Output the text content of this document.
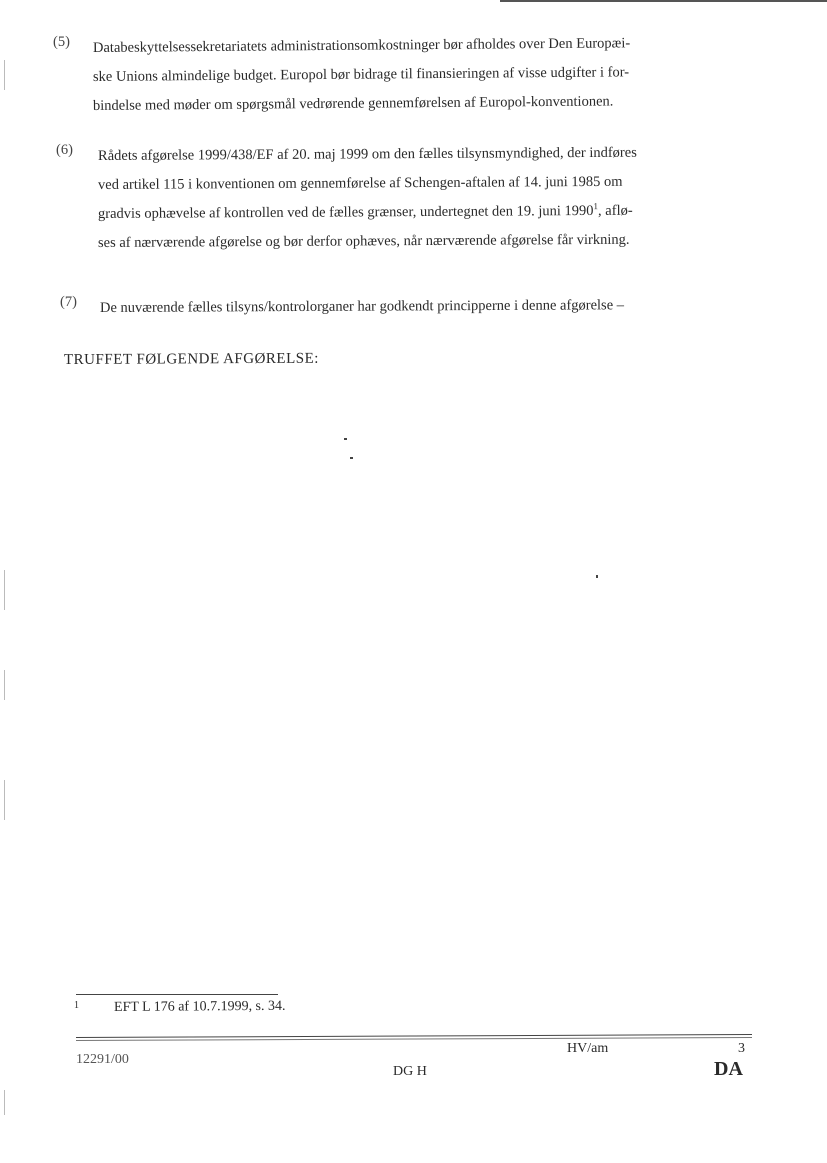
(5)	Databeskyttelsessekretariatets administrationsomkostninger bør afholdes over Den Europæi-
ske Unions almindelige budget. Europol bør bidrage til finansieringen af visse udgifter i for-
bindelse med møder om spørgsmål vedrørende gennemførelsen af Europol-konventionen.
(6)	Rådets afgørelse 1999/438/EF af 20. maj 1999 om den fælles tilsynsmyndighed, der indføres
ved artikel 115 i konventionen om gennemførelse af Schengen-aftalen af 14. juni 1985 om
gradvis ophævelse af kontrollen ved de fælles grænser, undertegnet den 19. juni 1990$^1$, aflø-
ses af nærværende afgørelse og bør derfor ophæves, når nærværende afgørelse får virkning.
(7)	De nuværende fælles tilsyns/kontrolorganer har godkendt principperne i denne afgørelse –
TRUFFET FØLGENDE AFGØRELSE:
1 EFT L 176 af 10.7.1999, s. 34.
12291/00
HV/am	3
DG H	DA
